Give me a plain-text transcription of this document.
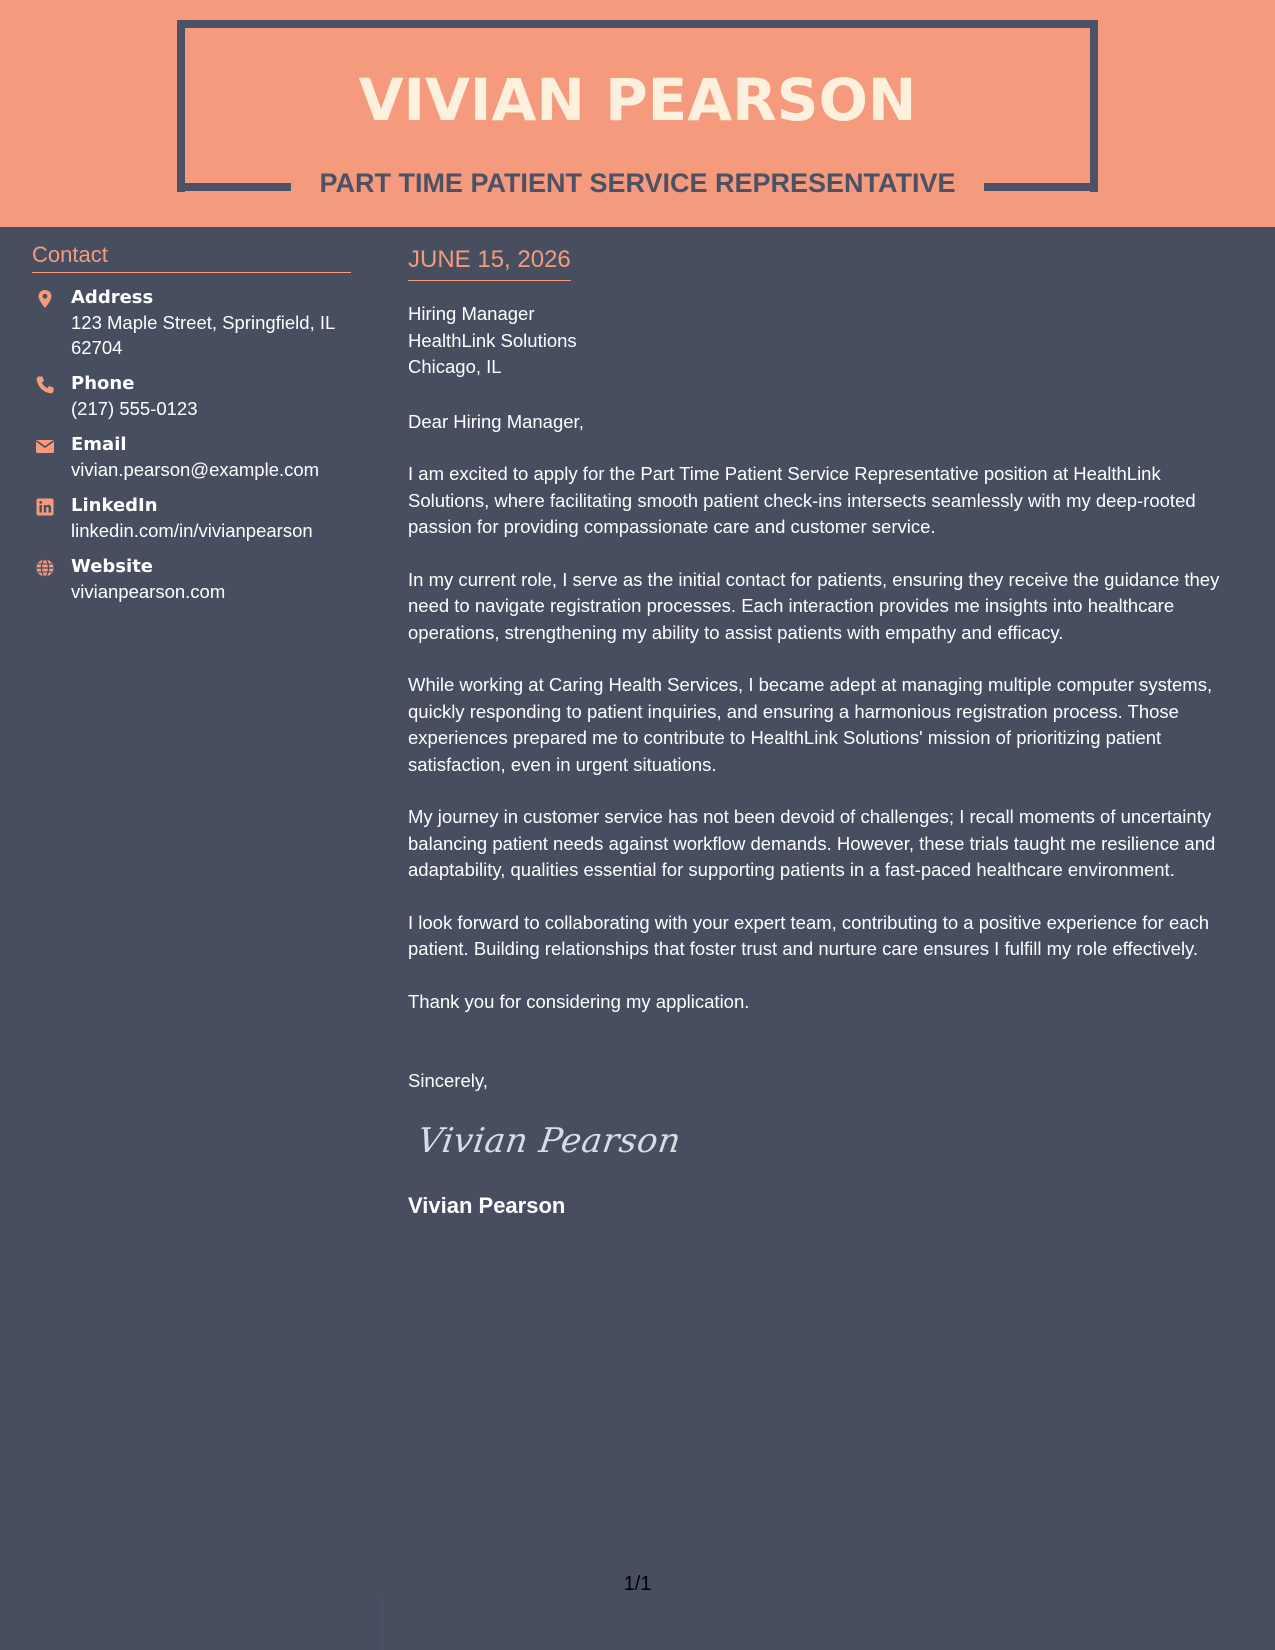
VIVIAN PEARSON
PART TIME PATIENT SERVICE REPRESENTATIVE
Contact
Address
123 Maple Street, Springfield, IL 62704
Phone
(217) 555-0123
Email
vivian.pearson@example.com
LinkedIn
linkedin.com/in/vivianpearson
Website
vivianpearson.com
JUNE 15, 2026
Hiring Manager
HealthLink Solutions
Chicago, IL

Dear Hiring Manager,

I am excited to apply for the Part Time Patient Service Representative position at HealthLink Solutions, where facilitating smooth patient check-ins intersects seamlessly with my deep-rooted passion for providing compassionate care and customer service.

In my current role, I serve as the initial contact for patients, ensuring they receive the guidance they need to navigate registration processes. Each interaction provides me insights into healthcare operations, strengthening my ability to assist patients with empathy and efficacy.

While working at Caring Health Services, I became adept at managing multiple computer systems, quickly responding to patient inquiries, and ensuring a harmonious registration process. Those experiences prepared me to contribute to HealthLink Solutions' mission of prioritizing patient satisfaction, even in urgent situations.

My journey in customer service has not been devoid of challenges; I recall moments of uncertainty balancing patient needs against workflow demands. However, these trials taught me resilience and adaptability, qualities essential for supporting patients in a fast-paced healthcare environment.

I look forward to collaborating with your expert team, contributing to a positive experience for each patient. Building relationships that foster trust and nurture care ensures I fulfill my role effectively.

Thank you for considering my application.

Sincerely,

Vivian Pearson
Vivian Pearson
1/1
